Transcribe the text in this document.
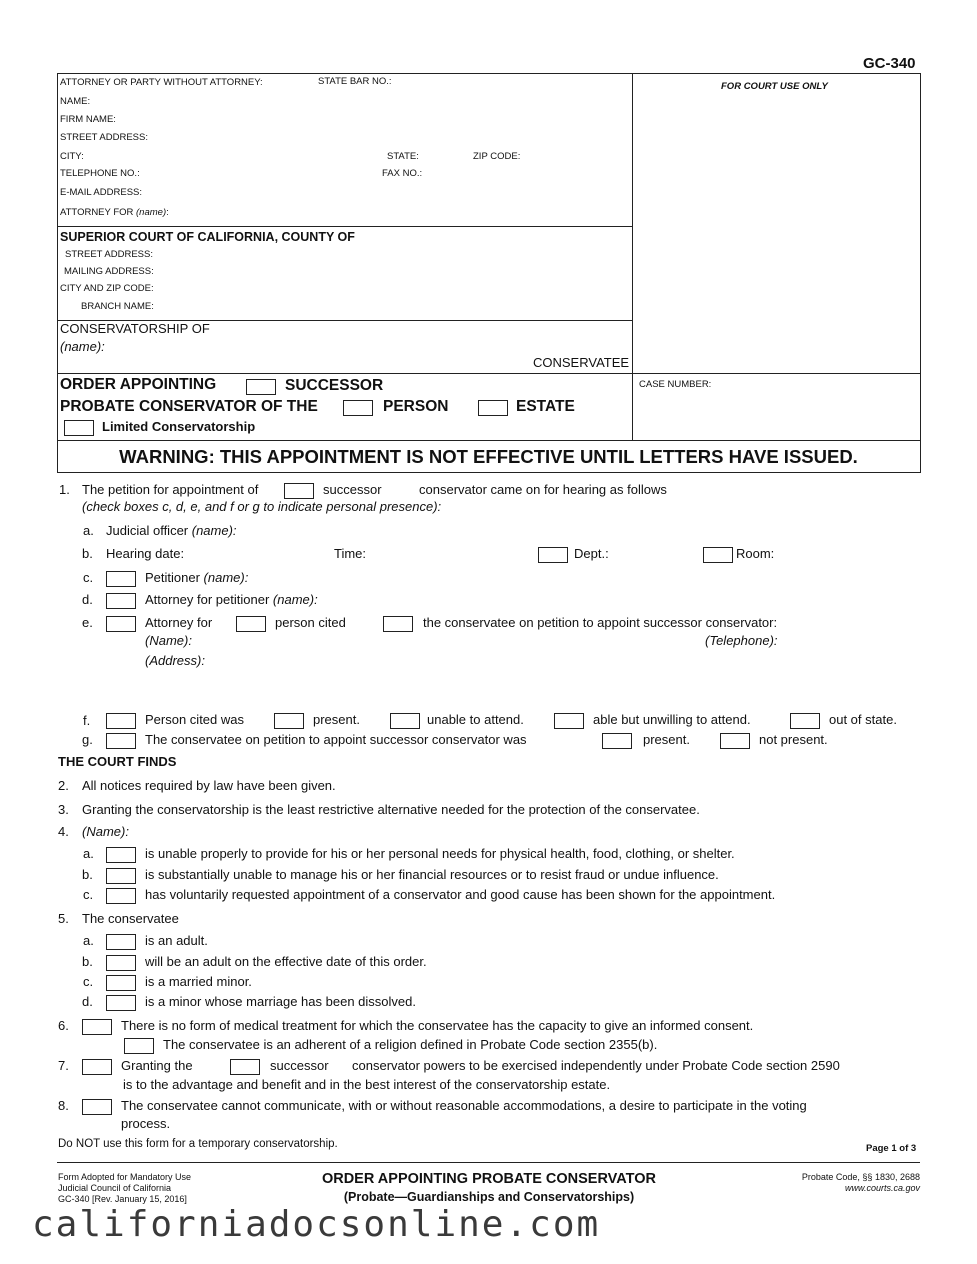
GC-340
ATTORNEY OR PARTY WITHOUT ATTORNEY:	STATE BAR NO.:
NAME:
FIRM NAME:
STREET ADDRESS:
CITY:	STATE:	ZIP CODE:
TELEPHONE NO.:	FAX NO.:
E-MAIL ADDRESS:
ATTORNEY FOR (name):
FOR COURT USE ONLY
SUPERIOR COURT OF CALIFORNIA, COUNTY OF
STREET ADDRESS:
MAILING ADDRESS:
CITY AND ZIP CODE:
BRANCH NAME:
CONSERVATORSHIP OF
(name):
CONSERVATEE
ORDER APPOINTING	SUCCESSOR
PROBATE CONSERVATOR OF THE	PERSON	ESTATE
Limited Conservatorship
CASE NUMBER:
WARNING: THIS APPOINTMENT IS NOT EFFECTIVE UNTIL LETTERS HAVE ISSUED.
1. The petition for appointment of	successor	conservator came on for hearing as follows
(check boxes c, d, e, and f or g to indicate personal presence):
a. Judicial officer (name):
b. Hearing date:	Time:	Dept.:	Room:
c.	Petitioner (name):
d.	Attorney for petitioner (name):
e.	Attorney for	person cited	the conservatee on petition to appoint successor conservator:
(Name):	(Telephone):
(Address):
f.	Person cited was	present.	unable to attend.	able but unwilling to attend.	out of state.
g.	The conservatee on petition to appoint successor conservator was	present.	not present.
THE COURT FINDS
2. All notices required by law have been given.
3. Granting the conservatorship is the least restrictive alternative needed for the protection of the conservatee.
4. (Name):
a.	is unable properly to provide for his or her personal needs for physical health, food, clothing, or shelter.
b.	is substantially unable to manage his or her financial resources or to resist fraud or undue influence.
c.	has voluntarily requested appointment of a conservator and good cause has been shown for the appointment.
5. The conservatee
a.	is an adult.
b.	will be an adult on the effective date of this order.
c.	is a married minor.
d.	is a minor whose marriage has been dissolved.
6.	There is no form of medical treatment for which the conservatee has the capacity to give an informed consent.
The conservatee is an adherent of a religion defined in Probate Code section 2355(b).
7.	Granting the	successor conservator powers to be exercised independently under Probate Code section 2590
is to the advantage and benefit and in the best interest of the conservatorship estate.
8.	The conservatee cannot communicate, with or without reasonable accommodations, a desire to participate in the voting
process.
Do NOT use this form for a temporary conservatorship.	Page 1 of 3
Form Adopted for Mandatory Use
Judicial Council of California
GC-340 [Rev. January 15, 2016]
ORDER APPOINTING PROBATE CONSERVATOR
(Probate—Guardianships and Conservatorships)
Probate Code, §§ 1830, 2688
www.courts.ca.gov
californiadocsonline.com
